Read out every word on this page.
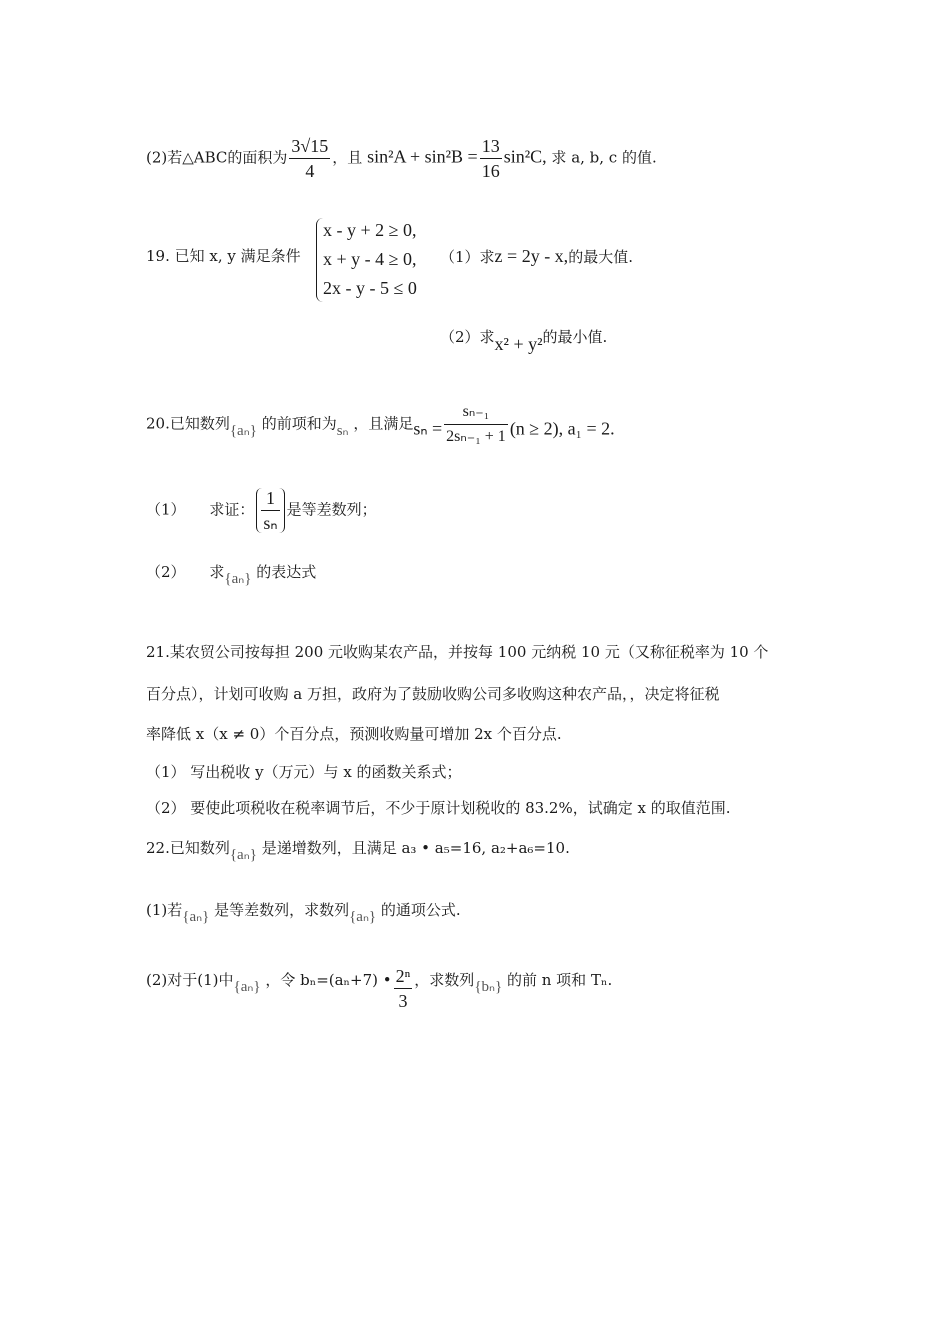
(2)若△ABC的面积为 $\frac{3√15}{4}$ ，且 $\sin^2A + \sin^2B = \frac{13}{16} \sin^2C$, 求 a, b, c 的值.
19. 已知 x, y 满足条件
x - y + 2 ≥ 0,
x + y - 4 ≥ 0,
2x - y - 5 ≤ 0
（1）求z = 2y - x,的最大值.
（2）求x² + y²的最小值.
20.已知数列{aₙ} 的前项和为sₙ ，且满足$s_n = \frac{\text{sₙ₋₁}}{\text{2sₙ₋₁ + 1}} (n \ge 2)$, a₁ = 2.
（1） 求证： $\frac{1}{\text{sₙ}}$ 是等差数列；
（2） 求{aₙ} 的表达式
21.某农贸公司按每担 200 元收购某农产品，并按每 100 元纳税 10 元（又称征税率为 10 个
百分点），计划可收购 a 万担，政府为了鼓励收购公司多收购这种农产品，，决定将征税
率降低 x（x ≠ 0）个百分点，预测收购量可增加 2x 个百分点.
（1） 写出税收 y（万元）与 x 的函数关系式；
（2） 要使此项税收在税率调节后，不少于原计划税收的 83.2%，试确定 x 的取值范围.
22.已知数列{aₙ} 是递增数列，且满足 a₃ • a₅=16, a₂+a₆=10.
(1)若{aₙ} 是等差数列，求数列{aₙ} 的通项公式.
(2)对于(1)中{aₙ} ，令 bₙ=(aₙ+7) • $\frac{\text{2ⁿ}}{3}$ ，求数列{bₙ} 的前 n 项和 Tₙ.
